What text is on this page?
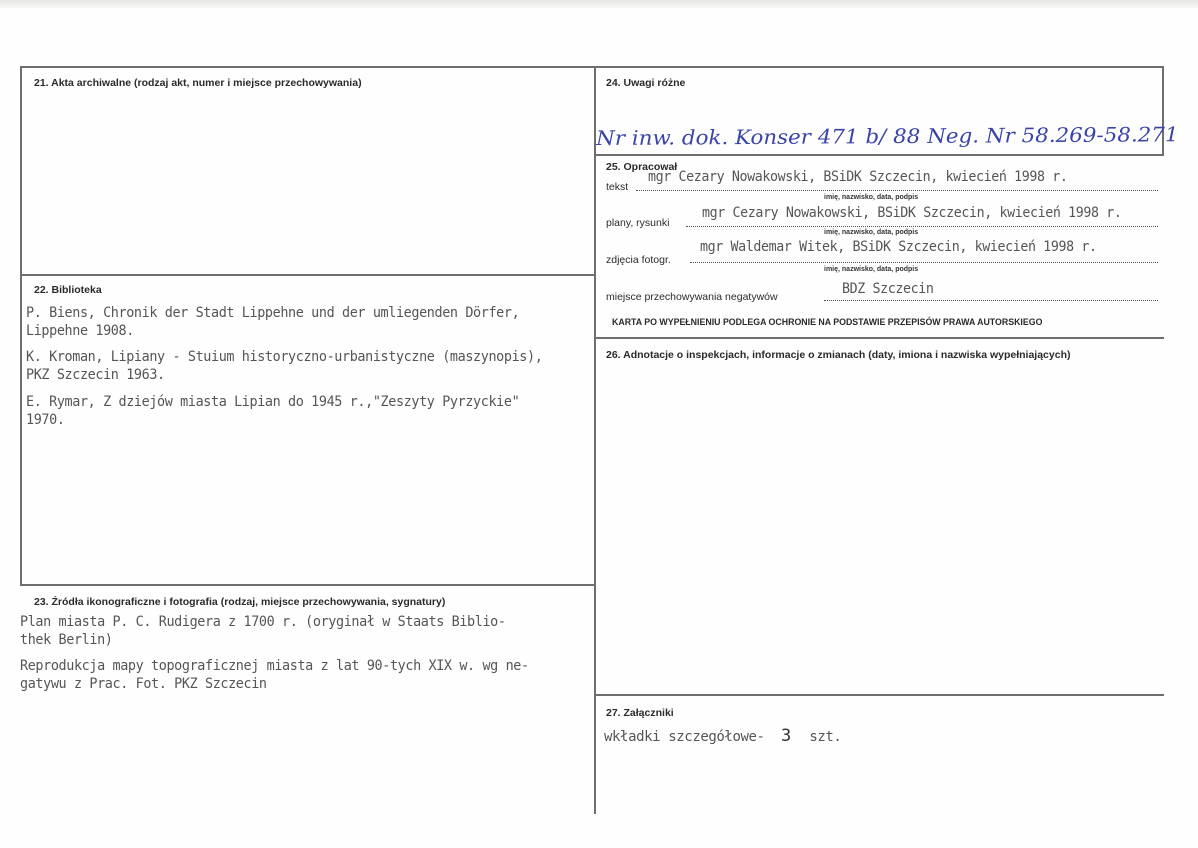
21. Akta archiwalne (rodzaj akt, numer i miejsce przechowywania)
22. Biblioteka
P. Biens, Chronik der Stadt Lippehne und der umliegenden Dörfer,
Lippehne 1908.
K. Kroman, Lipiany - Stuium historyczno-urbanistyczne (maszynopis),
PKZ Szczecin 1963.
E. Rymar, Z dziejów miasta Lipian do 1945 r.,"Zeszyty Pyrzyckie"
1970.
23. Źródła ikonograficzne i fotografia (rodzaj, miejsce przechowywania, sygnatury)
Plan miasta P. C. Rudigera z 1700 r. (oryginał w Staats Biblio-
thek Berlin)
Reprodukcja mapy topograficznej miasta z lat 90-tych XIX w. wg ne-
gatywu z Prac. Fot. PKZ Szczecin
24. Uwagi różne
Nr inw. dok. Konser 471 b/ 88 Neg. Nr 58.269-58.271
25. Opracował
tekst
mgr Cezary Nowakowski, BSiDK Szczecin, kwiecień 1998 r.
imię, nazwisko, data, podpis
plany, rysunki
mgr Cezary Nowakowski, BSiDK Szczecin, kwiecień 1998 r.
imię, nazwisko, data, podpis
zdjęcia fotogr.
mgr Waldemar Witek, BSiDK Szczecin, kwiecień 1998 r.
imię, nazwisko, data, podpis
miejsce przechowywania negatywów	BDZ Szczecin
KARTA PO WYPEŁNIENIU PODLEGA OCHRONIE NA PODSTAWIE PRZEPISÓW PRAWA AUTORSKIEGO
26. Adnotacje o inspekcjach, informacje o zmianach (daty, imiona i nazwiska wypełniających)
27. Załączniki
wkładki szczegółowe- 3 szt.
